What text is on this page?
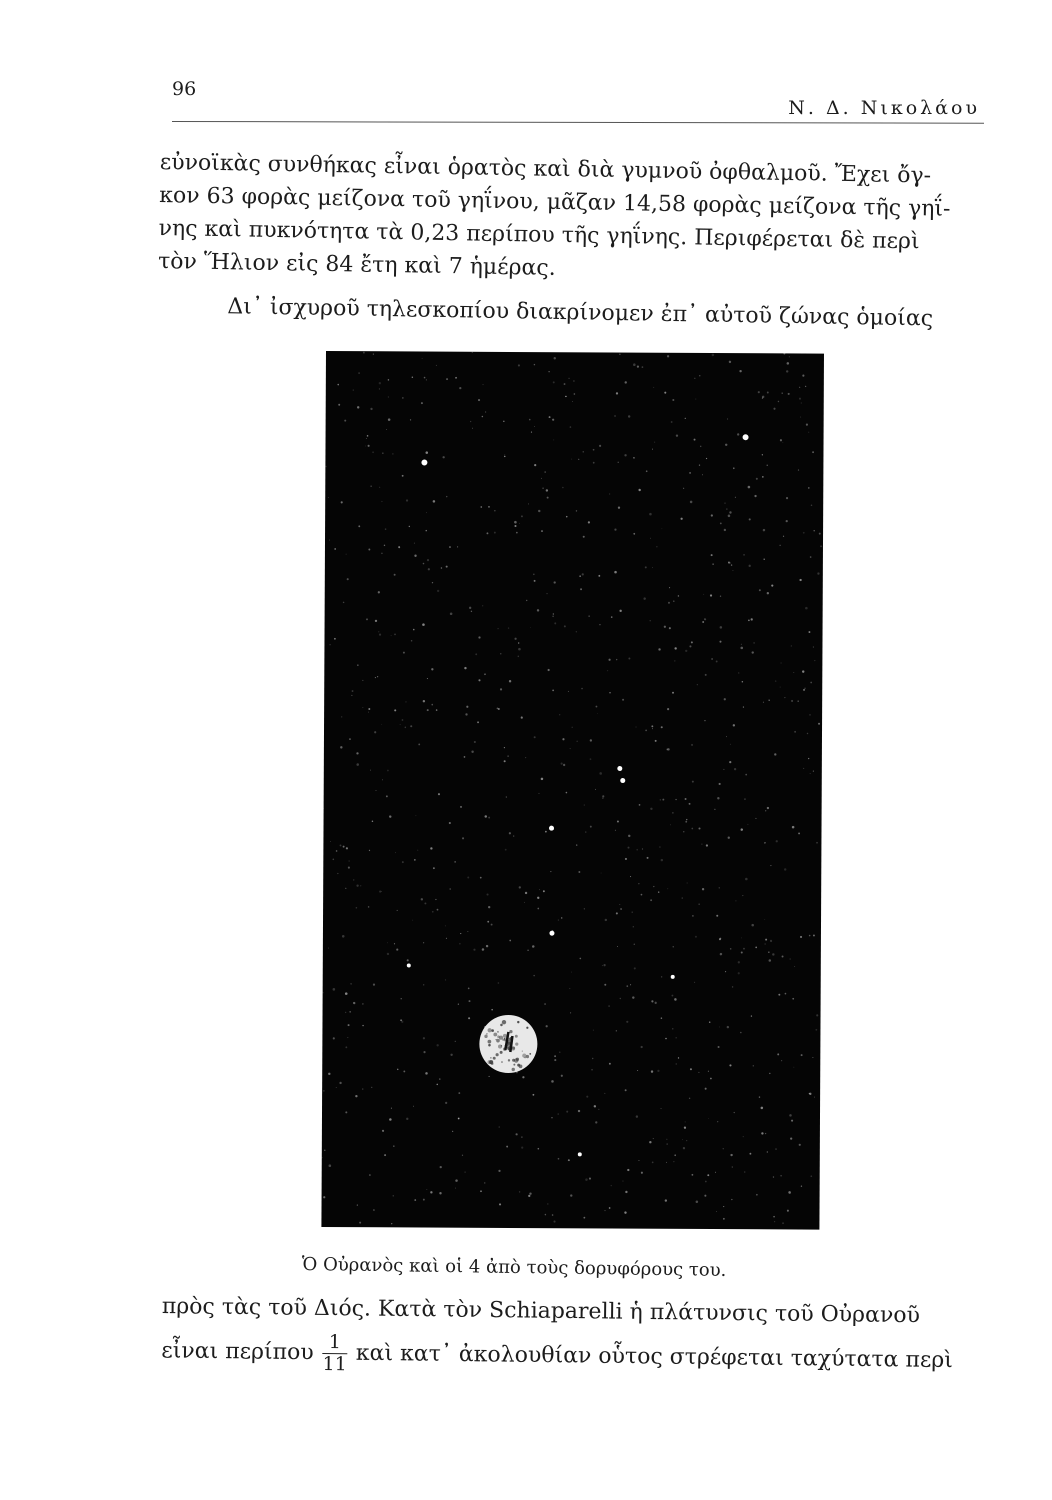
96
Ν. Δ. Νικολάου
εὐνοϊκὰς συνθήκας εἶναι ὁρατὸς καὶ διὰ γυμνοῦ ὀφθαλμοῦ. Ἔχει ὄγ-
κον 63 φορὰς μείζονα τοῦ γηΐνου, μᾶζαν 14,58 φορὰς μείζονα τῆς γηΐ-
νης καὶ πυκνότητα τὰ 0,23 περίπου τῆς γηΐνης. Περιφέρεται δὲ περὶ
τὸν Ἥλιον εἰς 84 ἔτη καὶ 7 ἡμέρας.
Δι᾿ ἰσχυροῦ τηλεσκοπίου διακρίνομεν ἐπ᾿ αὐτοῦ ζώνας ὁμοίας
Ὁ Οὐρανὸς καὶ οἱ 4 ἀπὸ τοὺς δορυφόρους του.
πρὸς τὰς τοῦ Διός. Κατὰ τὸν Schiaparelli ἡ πλάτυνσις τοῦ Οὐρανοῦ
εἶναι περίπου $\frac{1}{11}$ καὶ κατ᾿ ἀκολουθίαν οὗτος στρέφεται ταχύτατα περὶ
